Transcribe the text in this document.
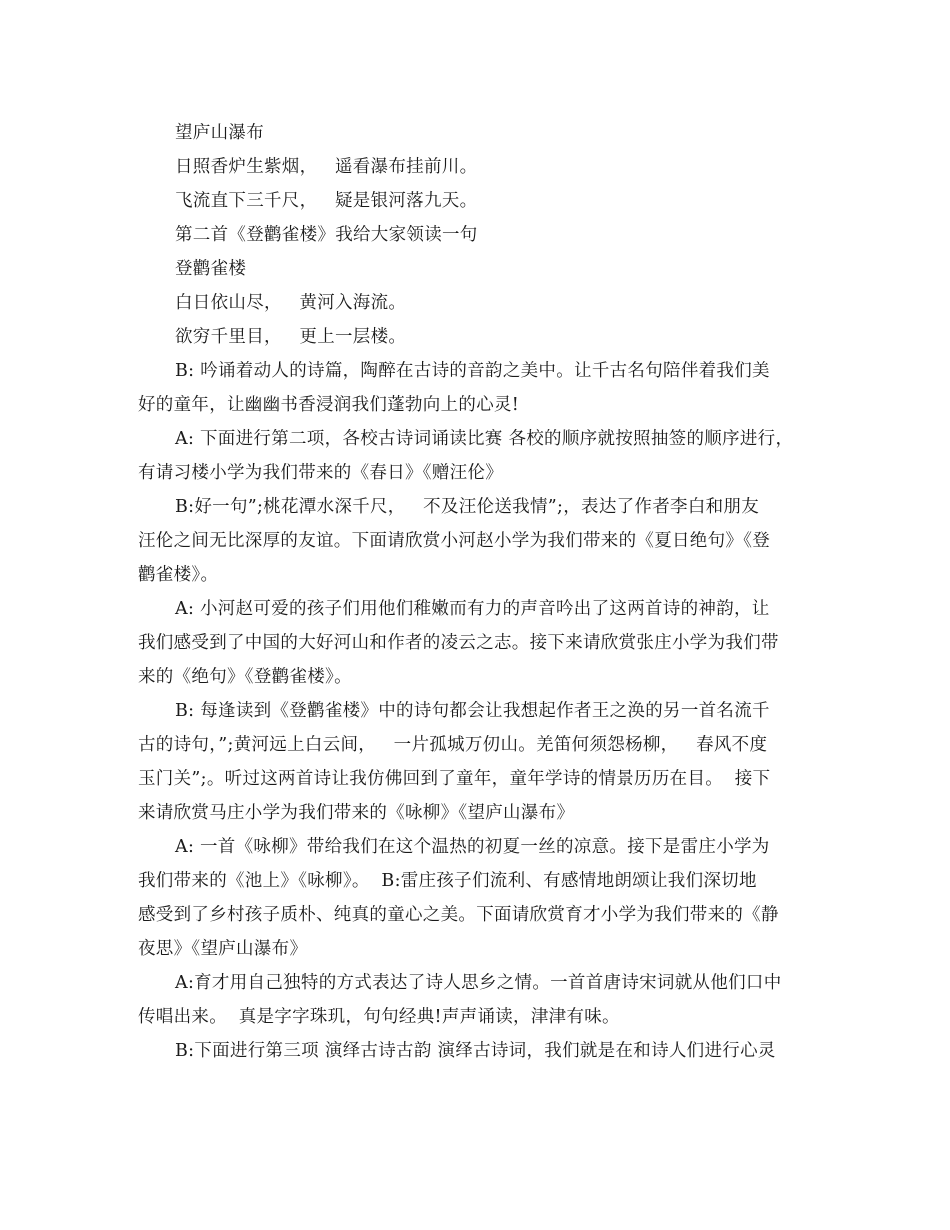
望庐山瀑布
日照香炉生紫烟，   遥看瀑布挂前川。
飞流直下三千尺，   疑是银河落九天。
第二首《登鹳雀楼》我给大家领读一句
登鹳雀楼
白日依山尽，   黄河入海流。
欲穷千里目，   更上一层楼。
B: 吟诵着动人的诗篇，陶醉在古诗的音韵之美中。让千古名句陪伴着我们美
好的童年，让幽幽书香浸润我们蓬勃向上的心灵!
A: 下面进行第二项，各校古诗词诵读比赛 各校的顺序就按照抽签的顺序进行，
有请习楼小学为我们带来的《春日》《赠汪伦》
B:好一句”;桃花潭水深千尺，   不及汪伦送我情”;，表达了作者李白和朋友
汪伦之间无比深厚的友谊。下面请欣赏小河赵小学为我们带来的《夏日绝句》《登
鹳雀楼》。
A: 小河赵可爱的孩子们用他们稚嫩而有力的声音吟出了这两首诗的神韵，让
我们感受到了中国的大好河山和作者的凌云之志。接下来请欣赏张庄小学为我们带
来的《绝句》《登鹳雀楼》。
B: 每逢读到《登鹳雀楼》中的诗句都会让我想起作者王之涣的另一首名流千
古的诗句，”;黄河远上白云间，   一片孤城万仞山。羌笛何须怨杨柳，   春风不度
玉门关”;。听过这两首诗让我仿佛回到了童年，童年学诗的情景历历在目。  接下
来请欣赏马庄小学为我们带来的《咏柳》《望庐山瀑布》
A: 一首《咏柳》带给我们在这个温热的初夏一丝的凉意。接下是雷庄小学为
我们带来的《池上》《咏柳》。  B:雷庄孩子们流利、有感情地朗颂让我们深切地
感受到了乡村孩子质朴、纯真的童心之美。下面请欣赏育才小学为我们带来的《静
夜思》《望庐山瀑布》
A:育才用自己独特的方式表达了诗人思乡之情。一首首唐诗宋词就从他们口中
传唱出来。  真是字字珠玑，句句经典!声声诵读，津津有味。
B:下面进行第三项 演绎古诗古韵 演绎古诗词，我们就是在和诗人们进行心灵
